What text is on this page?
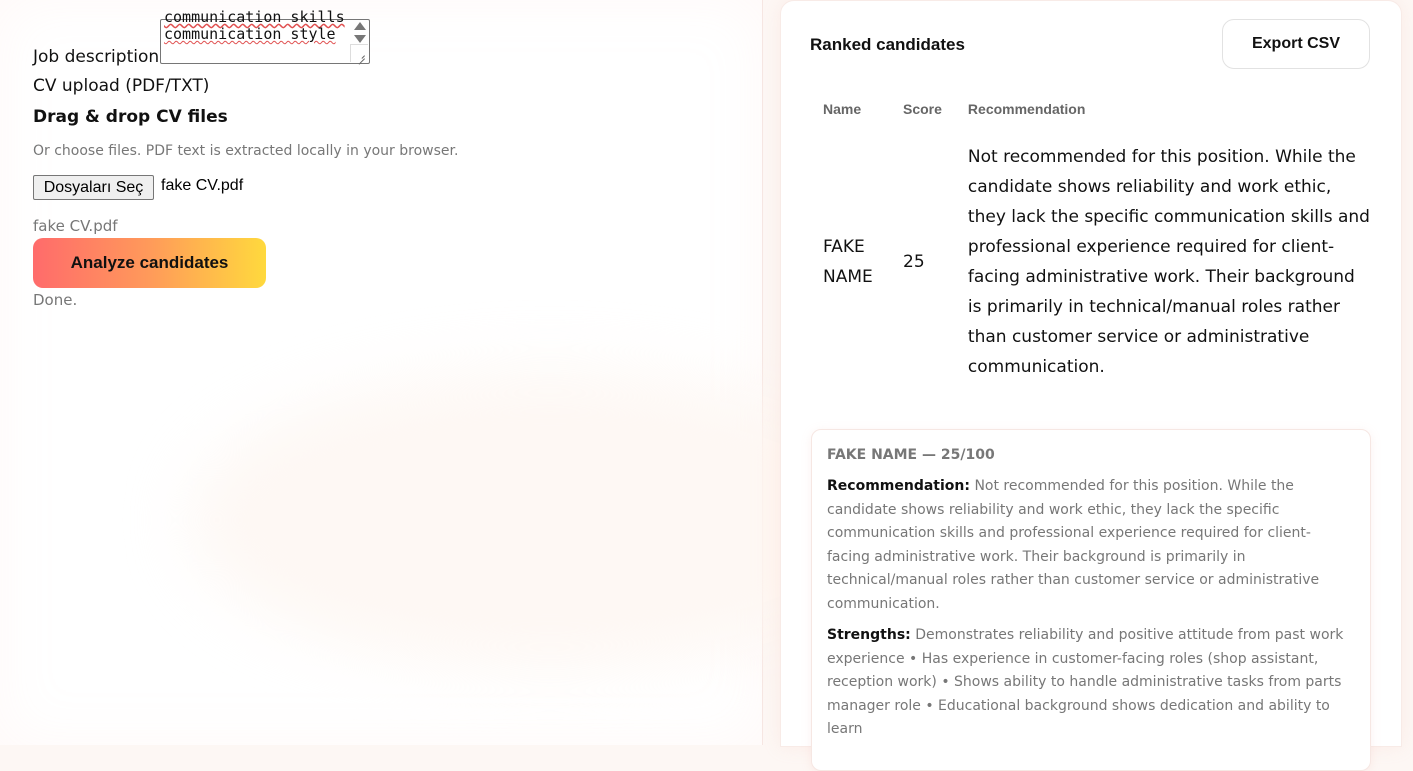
Job description
communication skills
communication style
CV upload (PDF/TXT)
Drag & drop CV files
Or choose files. PDF text is extracted locally in your browser.
Dosyaları Seç	fake CV.pdf
fake CV.pdf
Analyze candidates
Done.
Ranked candidates	Export CSV
Name	Score	Recommendation
FAKE NAME	25	Not recommended for this position. While the candidate shows reliability and work ethic, they lack the specific communication skills and professional experience required for client-facing administrative work. Their background is primarily in technical/manual roles rather than customer service or administrative communication.
FAKE NAME — 25/100
Recommendation: Not recommended for this position. While the candidate shows reliability and work ethic, they lack the specific communication skills and professional experience required for client-facing administrative work. Their background is primarily in technical/manual roles rather than customer service or administrative communication.
Strengths: Demonstrates reliability and positive attitude from past work experience • Has experience in customer-facing roles (shop assistant, reception work) • Shows ability to handle administrative tasks from parts manager role • Educational background shows dedication and ability to learn
